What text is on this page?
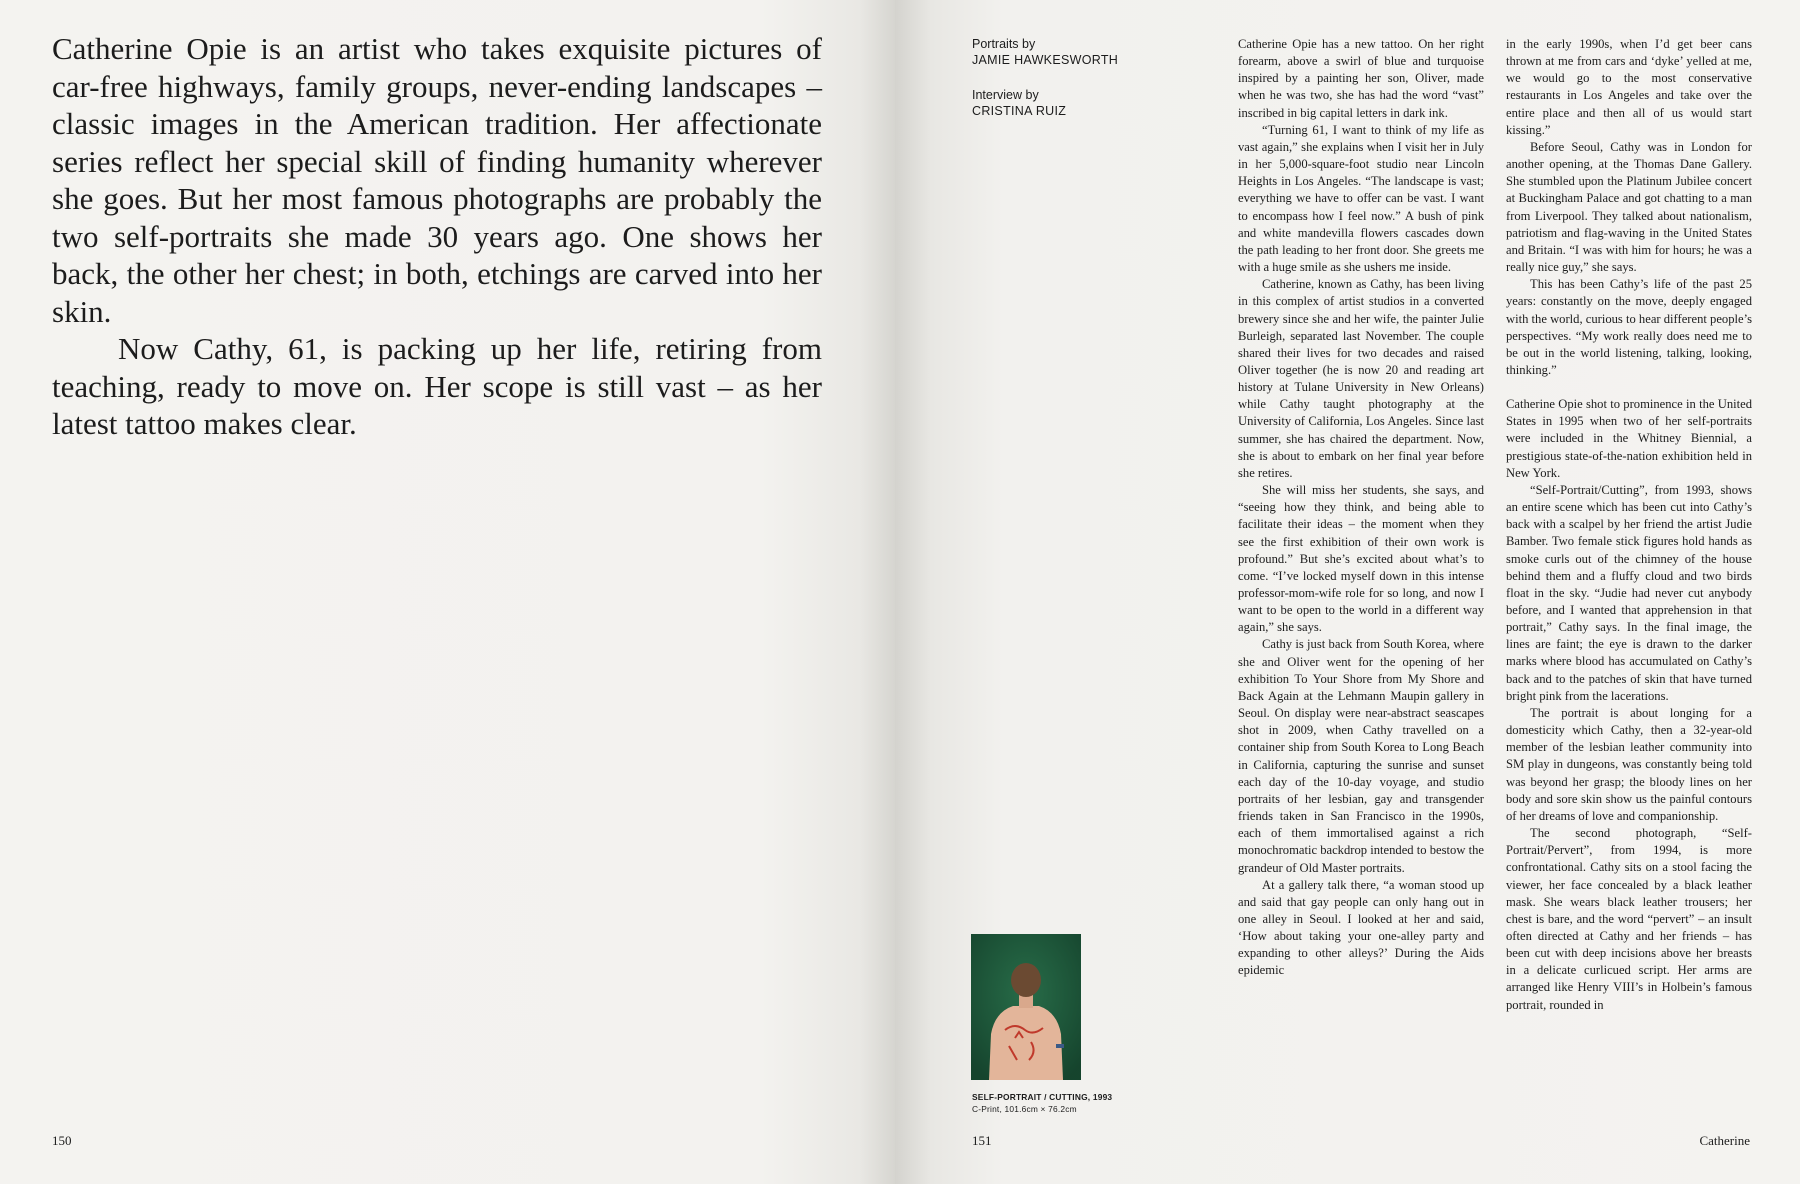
Catherine Opie is an artist who takes exquisite pictures of car-free highways, family groups, never-ending landscapes – classic images in the American tradition. Her affectionate series reflect her special skill of finding humanity wherever she goes. But her most famous photographs are probably the two self-portraits she made 30 years ago. One shows her back, the other her chest; in both, etchings are carved into her skin.

Now Cathy, 61, is packing up her life, retiring from teaching, ready to move on. Her scope is still vast – as her latest tattoo makes clear.

150
Portraits by
JAMIE HAWKESWORTH
Interview by
CRISTINA RUIZ

Catherine Opie has a new tattoo. On her right forearm, above a swirl of blue and turquoise inspired by a painting her son, Oliver, made when he was two, she has had the word “vast” inscribed in big capital letters in dark ink.

“Turning 61, I want to think of my life as vast again,” she explains when I visit her in July in her 5,000-square-foot studio near Lincoln Heights in Los Angeles. “The landscape is vast; everything we have to offer can be vast. I want to encompass how I feel now.” A bush of pink and white mandevilla flowers cascades down the path leading to her front door. She greets me with a huge smile as she ushers me inside.

Catherine, known as Cathy, has been living in this complex of artist studios in a converted brewery since she and her wife, the painter Julie Burleigh, separated last November. The couple shared their lives for two decades and raised Oliver together (he is now 20 and reading art history at Tulane University in New Orleans) while Cathy taught photography at the University of California, Los Angeles. Since last summer, she has chaired the department. Now, she is about to embark on her final year before she retires.

She will miss her students, she says, and “seeing how they think, and being able to facilitate their ideas – the moment when they see the first exhibition of their own work is profound.” But she’s excited about what’s to come. “I’ve locked myself down in this intense professor-mom-wife role for so long, and now I want to be open to the world in a different way again,” she says.

Cathy is just back from South Korea, where she and Oliver went for the opening of her exhibition To Your Shore from My Shore and Back Again at the Lehmann Maupin gallery in Seoul. On display were near-abstract seascapes shot in 2009, when Cathy travelled on a container ship from South Korea to Long Beach in California, capturing the sunrise and sunset each day of the 10-day voyage, and studio portraits of her lesbian, gay and transgender friends taken in San Francisco in the 1990s, each of them immortalised against a rich monochromatic backdrop intended to bestow the grandeur of Old Master portraits.

At a gallery talk there, “a woman stood up and said that gay people can only hang out in one alley in Seoul. I looked at her and said, ‘How about taking your one-alley party and expanding to other alleys?’ During the Aids epidemic

in the early 1990s, when I’d get beer cans thrown at me from cars and ‘dyke’ yelled at me, we would go to the most conservative restaurants in Los Angeles and take over the entire place and then all of us would start kissing.”

Before Seoul, Cathy was in London for another opening, at the Thomas Dane Gallery. She stumbled upon the Platinum Jubilee concert at Buckingham Palace and got chatting to a man from Liverpool. They talked about nationalism, patriotism and flag-waving in the United States and Britain. “I was with him for hours; he was a really nice guy,” she says.

This has been Cathy’s life of the past 25 years: constantly on the move, deeply engaged with the world, curious to hear different people’s perspectives. “My work really does need me to be out in the world listening, talking, looking, thinking.”

Catherine Opie shot to prominence in the United States in 1995 when two of her self-portraits were included in the Whitney Biennial, a prestigious state-of-the-nation exhibition held in New York.

“Self-Portrait/Cutting”, from 1993, shows an entire scene which has been cut into Cathy’s back with a scalpel by her friend the artist Judie Bamber. Two female stick figures hold hands as smoke curls out of the chimney of the house behind them and a fluffy cloud and two birds float in the sky. “Judie had never cut anybody before, and I wanted that apprehension in that portrait,” Cathy says. In the final image, the lines are faint; the eye is drawn to the darker marks where blood has accumulated on Cathy’s back and to the patches of skin that have turned bright pink from the lacerations.

The portrait is about longing for a domesticity which Cathy, then a 32-year-old member of the lesbian leather community into SM play in dungeons, was constantly being told was beyond her grasp; the bloody lines on her body and sore skin show us the painful contours of her dreams of love and companionship.

The second photograph, “Self-Portrait/Pervert”, from 1994, is more confrontational. Cathy sits on a stool facing the viewer, her face concealed by a black leather mask. She wears black leather trousers; her chest is bare, and the word “pervert” – an insult often directed at Cathy and her friends – has been cut with deep incisions above her breasts in a delicate curlicued script. Her arms are arranged like Henry VIII’s in Holbein’s famous portrait, rounded in

SELF-PORTRAIT / CUTTING, 1993
C-Print, 101.6cm × 76.2cm
151	Catherine
